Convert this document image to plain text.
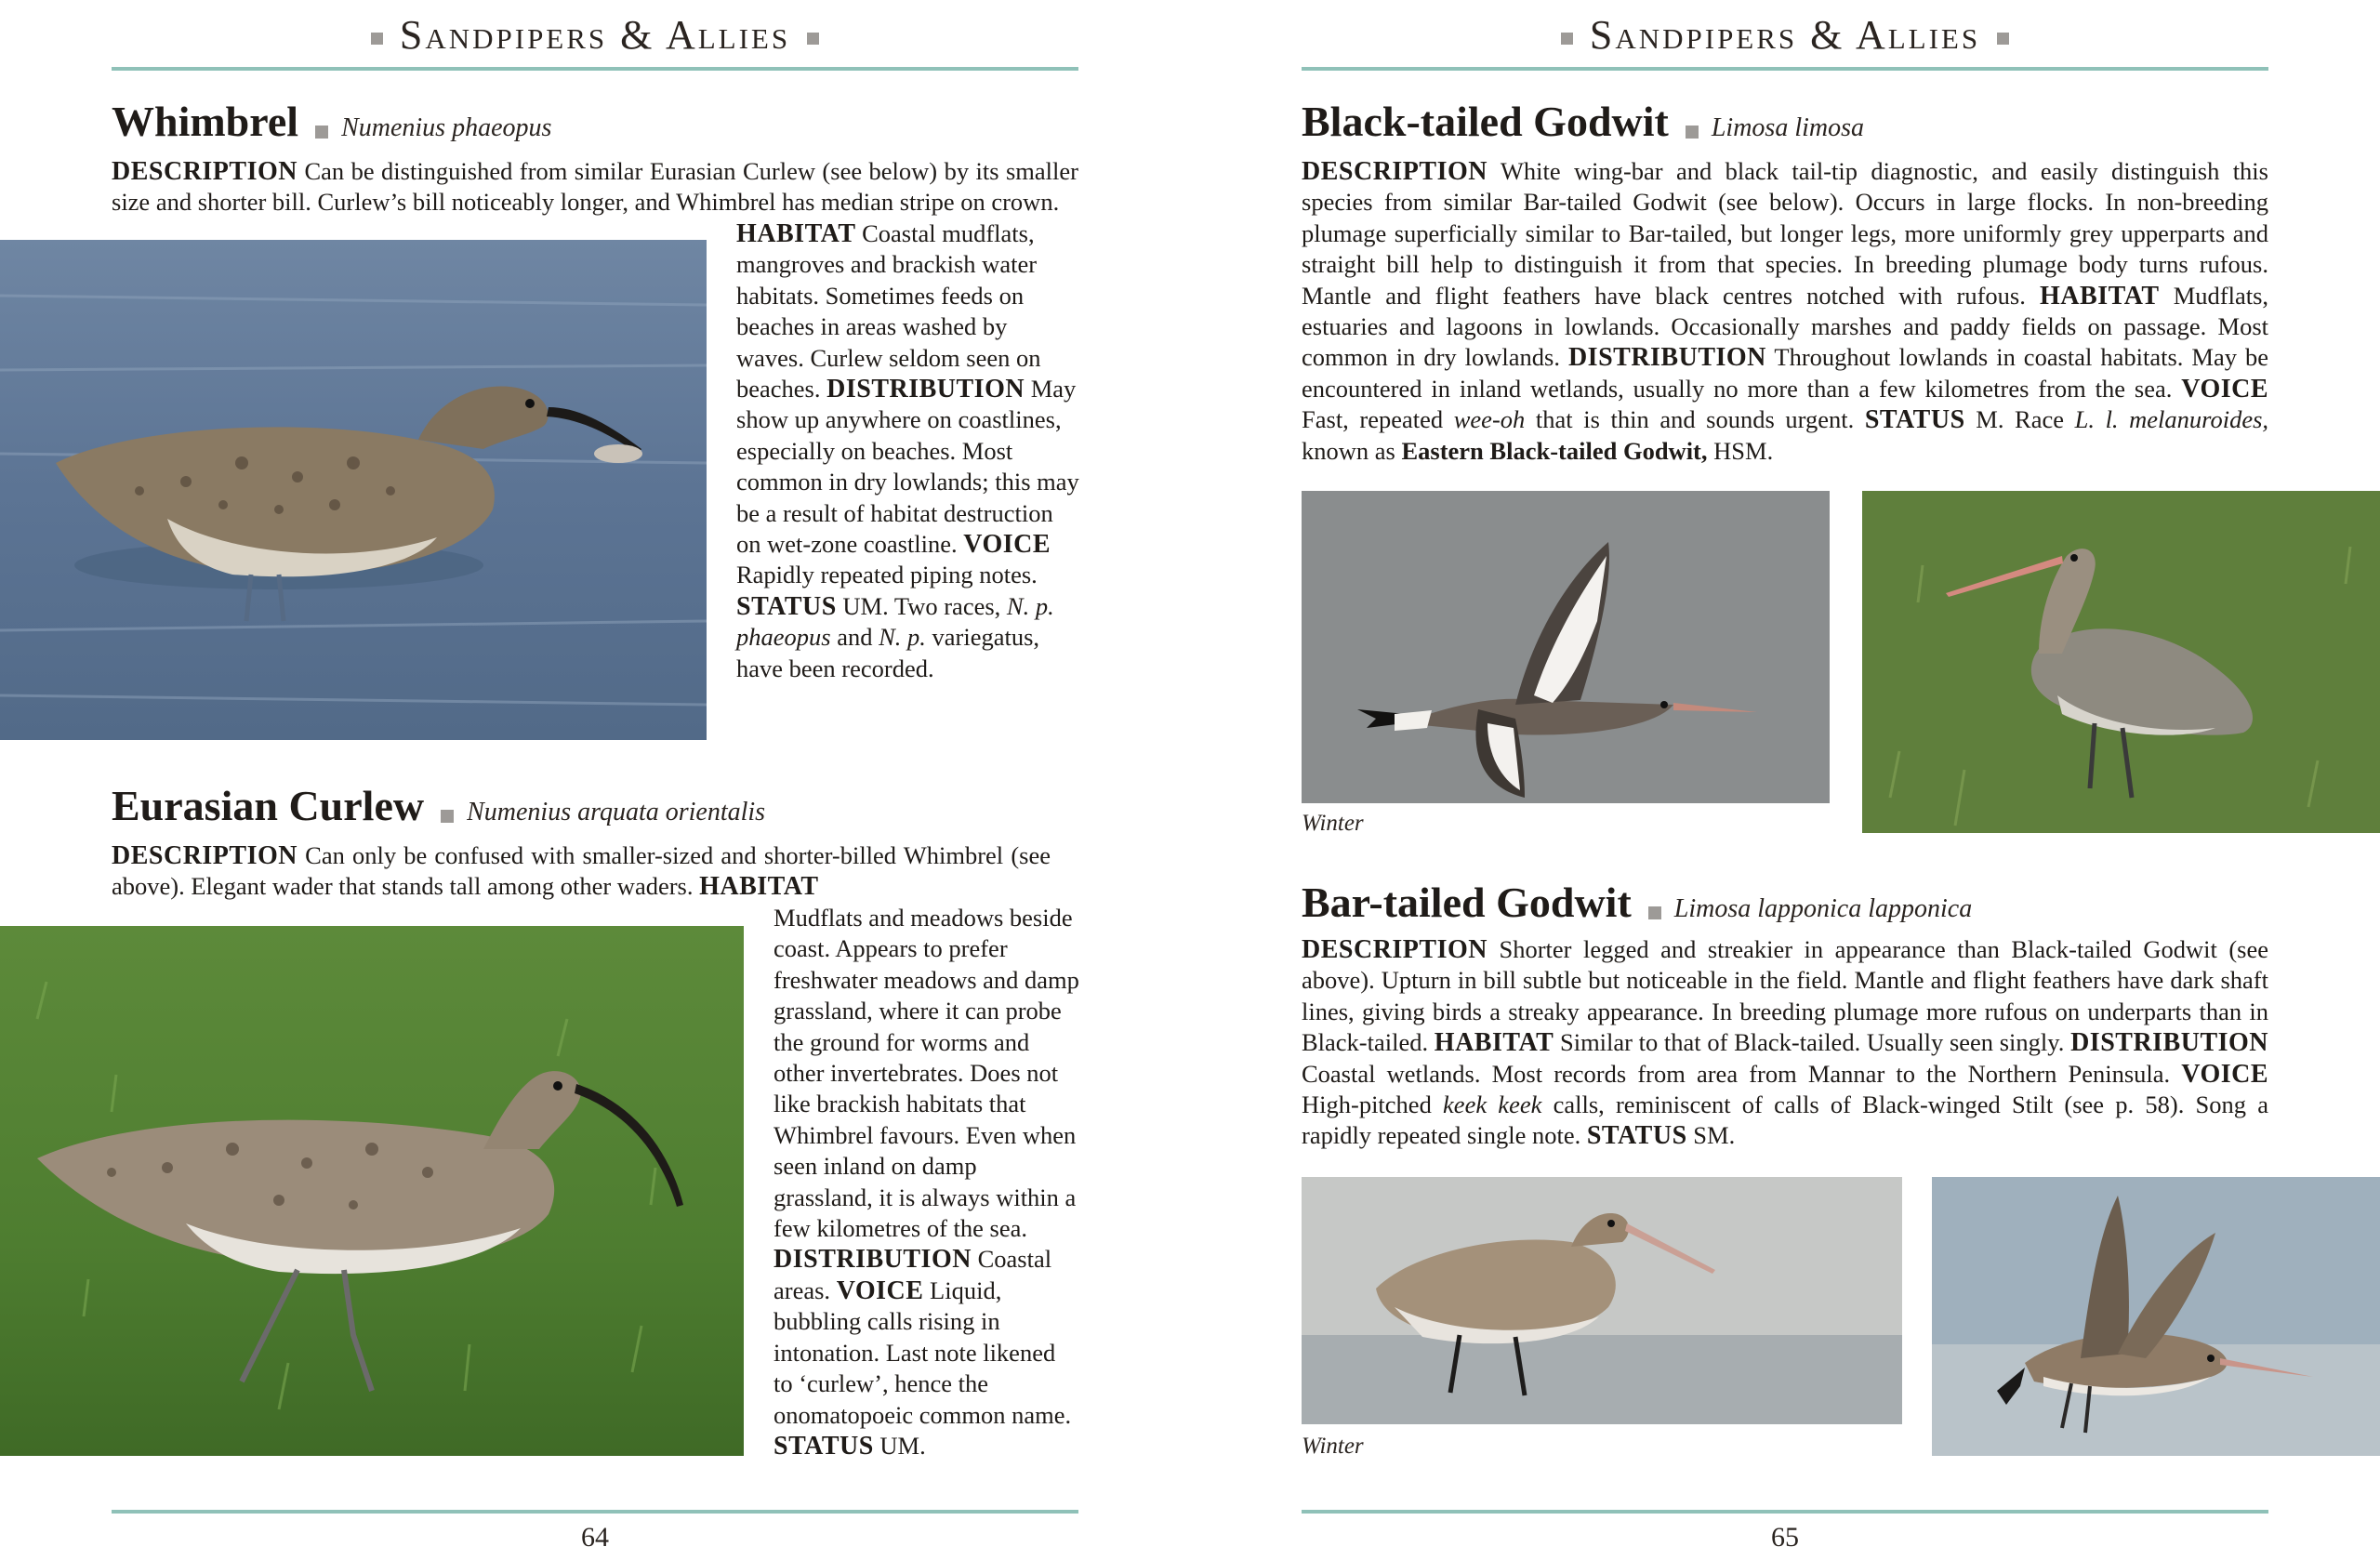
Sandpipers & Allies
Whimbrel Numenius phaeopus

DESCRIPTION Can be distinguished from similar Eurasian Curlew (see below) by its smaller size and shorter bill. Curlew’s bill noticeably longer, and Whimbrel has median stripe on crown.

HABITAT Coastal mudflats, mangroves and brackish water habitats. Sometimes feeds on beaches in areas washed by waves. Curlew seldom seen on beaches. DISTRIBUTION May show up anywhere on coastlines, especially on beaches. Most common in dry lowlands; this may be a result of habitat destruction on wet-zone coastline. VOICE Rapidly repeated piping notes. STATUS UM. Two races, N. p. phaeopus and N. p. variegatus, have been recorded.

Eurasian Curlew Numenius arquata orientalis

DESCRIPTION Can only be confused with smaller-sized and shorter-billed Whimbrel (see above). Elegant wader that stands tall among other waders. HABITAT

Mudflats and meadows beside coast. Appears to prefer freshwater meadows and damp grassland, where it can probe the ground for worms and other invertebrates. Does not like brackish habitats that Whimbrel favours. Even when seen inland on damp grassland, it is always within a few kilometres of the sea. DISTRIBUTION Coastal areas. VOICE Liquid, bubbling calls rising in intonation. Last note likened to ‘curlew’, hence the onomatopoeic common name. STATUS UM.

64
Sandpipers & Allies
Black-tailed Godwit Limosa limosa

DESCRIPTION White wing-bar and black tail-tip diagnostic, and easily distinguish this species from similar Bar-tailed Godwit (see below). Occurs in large flocks. In non-breeding plumage superficially similar to Bar-tailed, but longer legs, more uniformly grey upperparts and straight bill help to distinguish it from that species. In breeding plumage body turns rufous. Mantle and flight feathers have black centres notched with rufous. HABITAT Mudflats, estuaries and lagoons in lowlands. Occasionally marshes and paddy fields on passage. Most common in dry lowlands. DISTRIBUTION Throughout lowlands in coastal habitats. May be encountered in inland wetlands, usually no more than a few kilometres from the sea. VOICE Fast, repeated wee-oh that is thin and sounds urgent. STATUS M. Race L. l. melanuroides, known as Eastern Black-tailed Godwit, HSM.

Winter
Bar-tailed Godwit Limosa lapponica lapponica

DESCRIPTION Shorter legged and streakier in appearance than Black-tailed Godwit (see above). Upturn in bill subtle but noticeable in the field. Mantle and flight feathers have dark shaft lines, giving birds a streaky appearance. In breeding plumage more rufous on underparts than in Black-tailed. HABITAT Similar to that of Black-tailed. Usually seen singly. DISTRIBUTION Coastal wetlands. Most records from area from Mannar to the Northern Peninsula. VOICE High-pitched keek keek calls, reminiscent of calls of Black-winged Stilt (see p. 58). Song a rapidly repeated single note. STATUS SM.

Winter
65
